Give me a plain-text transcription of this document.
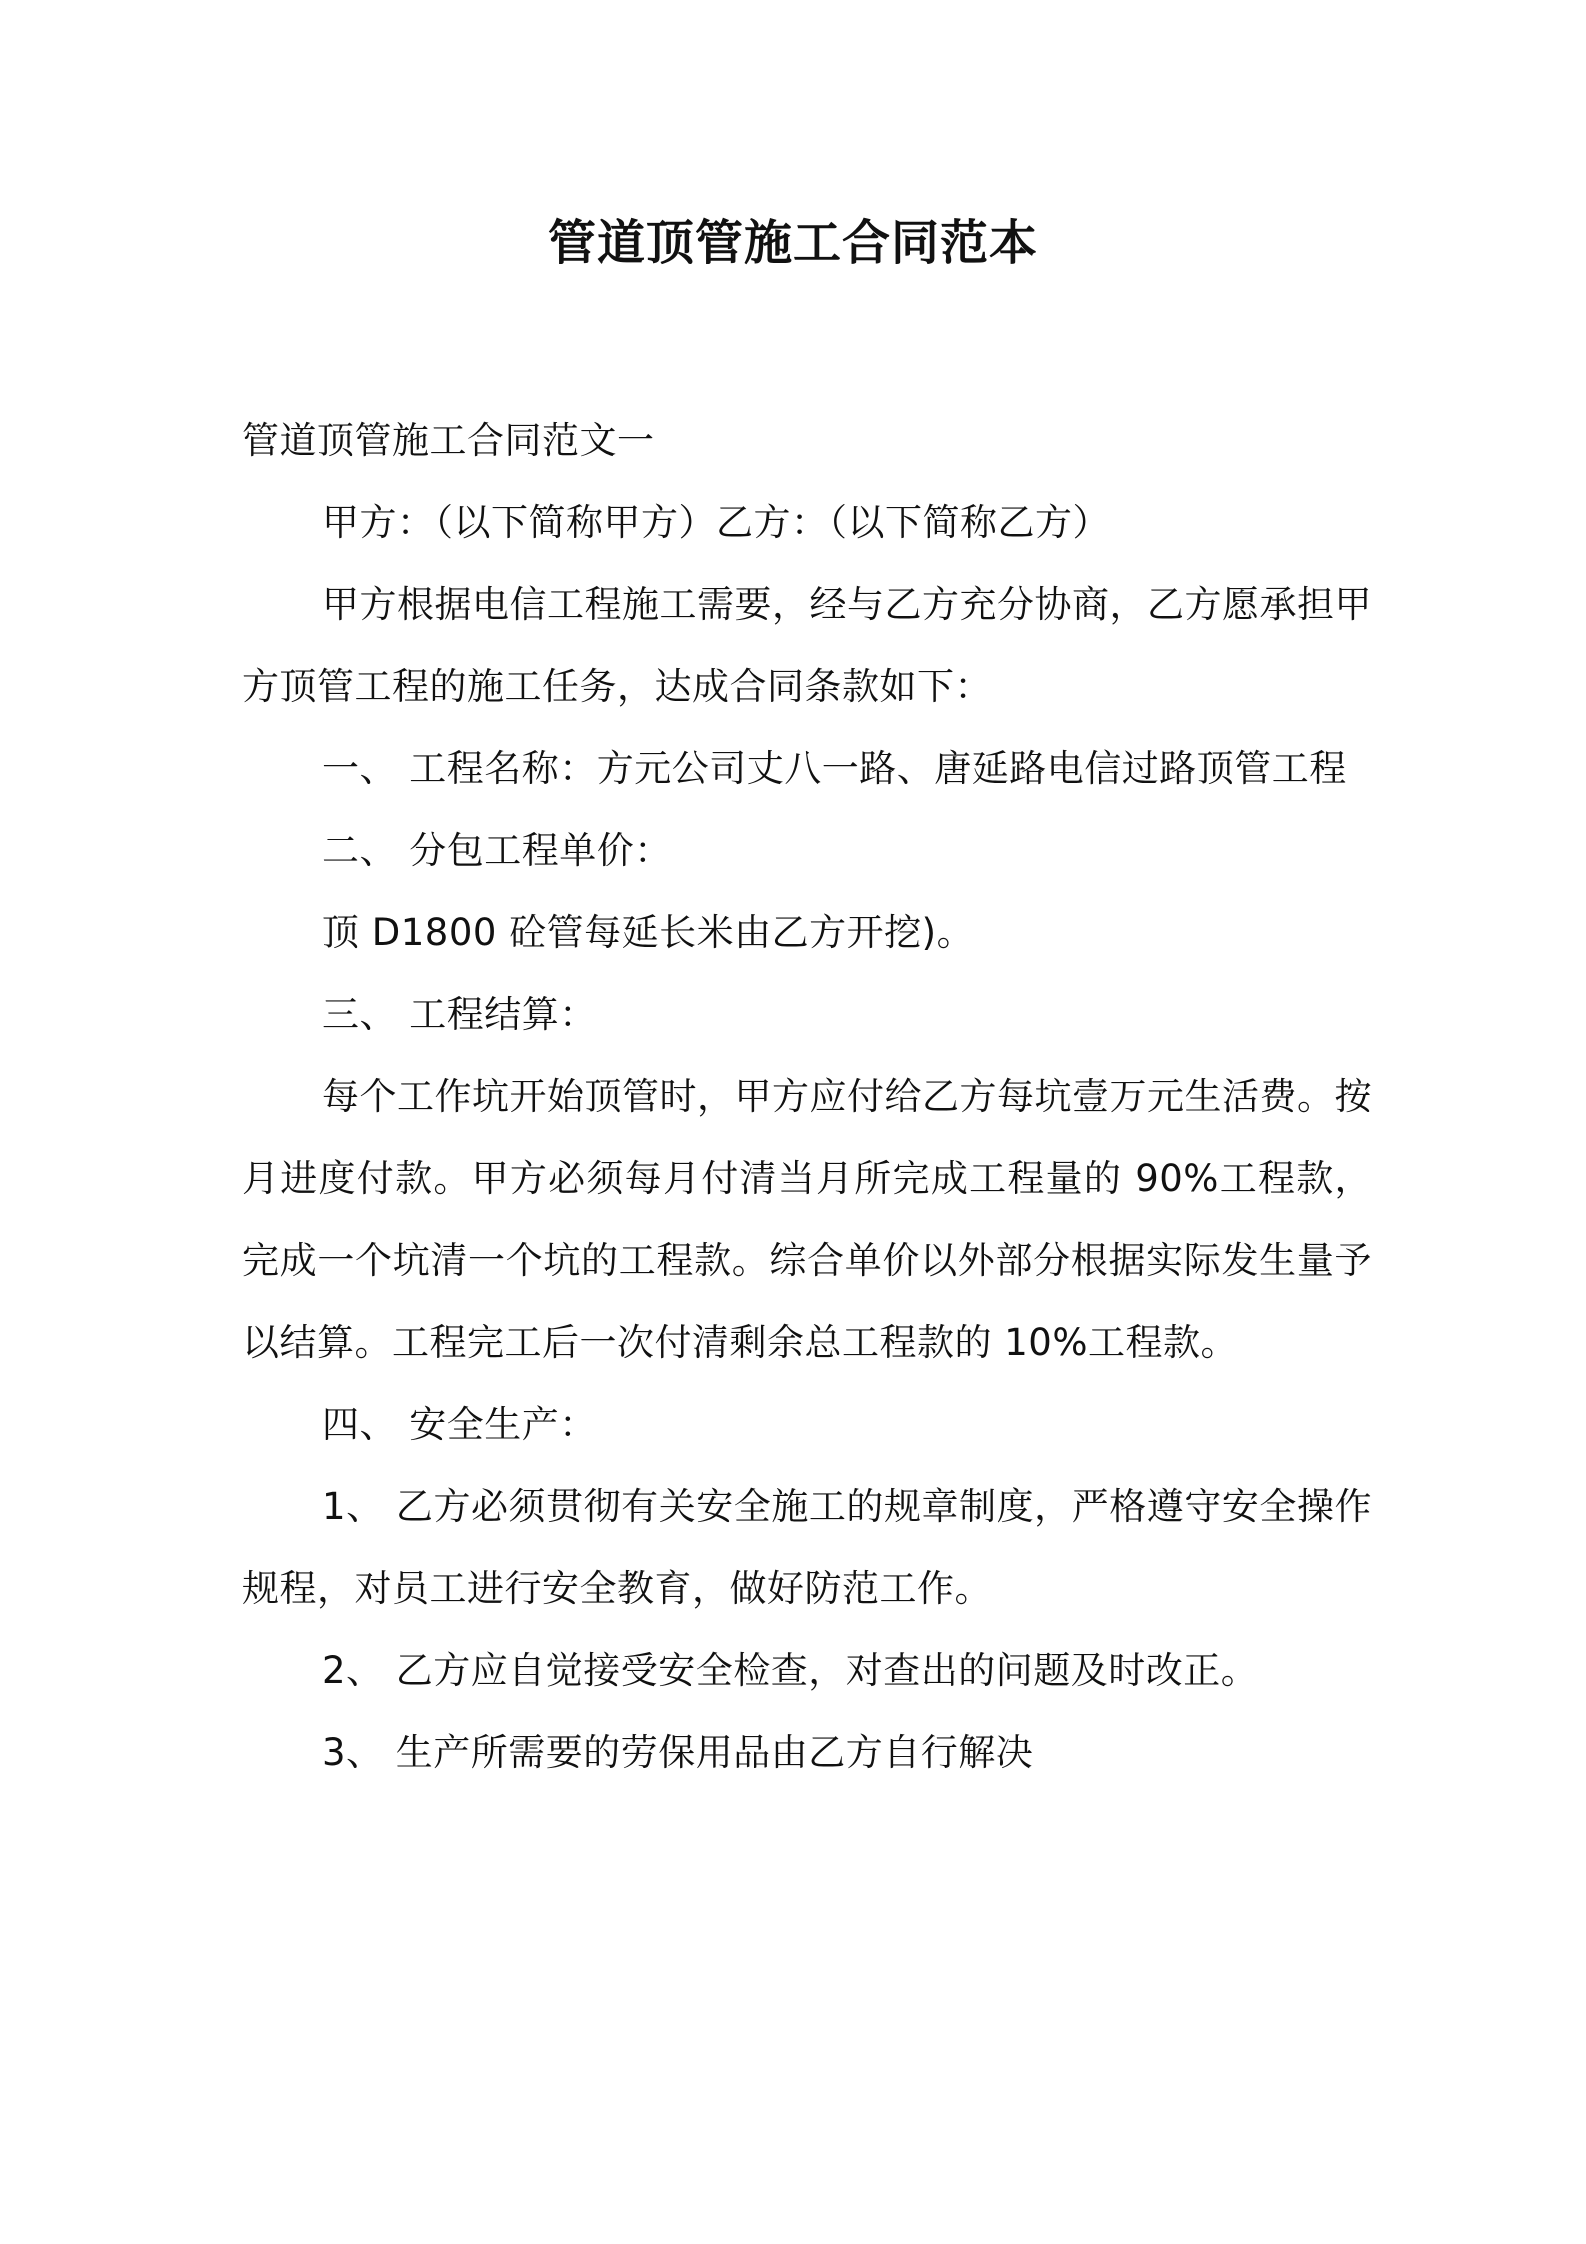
管道顶管施工合同范本

管道顶管施工合同范文一

甲方：（以下简称甲方）乙方：（以下简称乙方）

甲方根据电信工程施工需要，经与乙方充分协商，乙方愿承担甲方顶管工程的施工任务，达成合同条款如下：

一、 工程名称：方元公司丈八一路、唐延路电信过路顶管工程

二、 分包工程单价：

顶 D1800 砼管每延长米由乙方开挖)。

三、 工程结算：

每个工作坑开始顶管时，甲方应付给乙方每坑壹万元生活费。按月进度付款。甲方必须每月付清当月所完成工程量的 90%工程款，完成一个坑清一个坑的工程款。综合单价以外部分根据实际发生量予以结算。工程完工后一次付清剩余总工程款的 10%工程款。

四、 安全生产：

1、 乙方必须贯彻有关安全施工的规章制度，严格遵守安全操作规程，对员工进行安全教育，做好防范工作。

2、 乙方应自觉接受安全检查，对查出的问题及时改正。

3、 生产所需要的劳保用品由乙方自行解决
